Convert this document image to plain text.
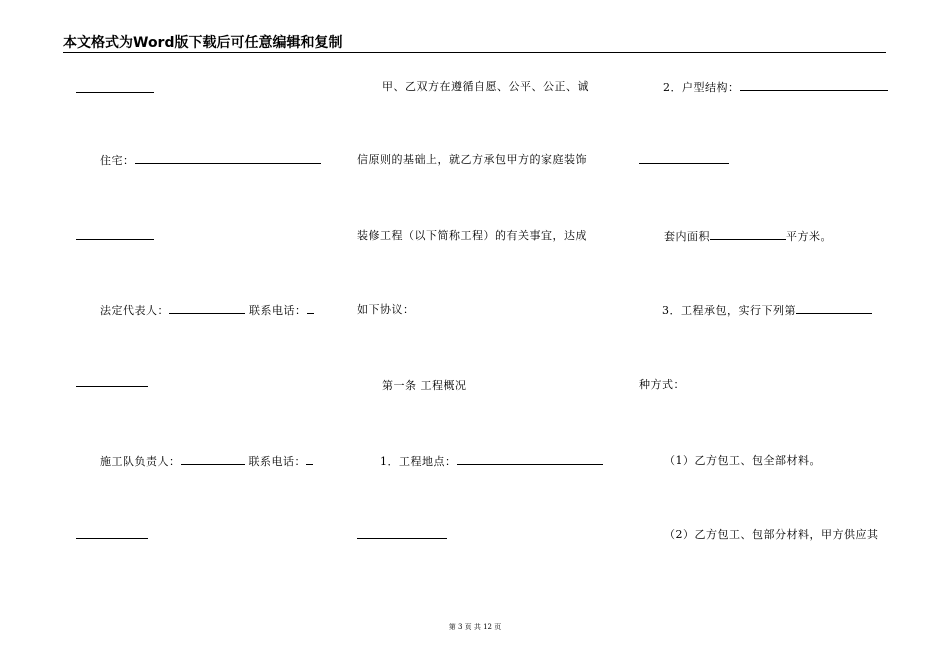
本文格式为Word版下载后可任意编辑和复制
住宅：
法定代表人：	联系电话：
施工队负责人：	联系电话：
甲、乙双方在遵循自愿、公平、公正、诚
信原则的基础上，就乙方承包甲方的家庭装饰
装修工程（以下简称工程）的有关事宜，达成
如下协议：
第一条 工程概况
1．工程地点：
2．户型结构：
套内面积	平方米。
3．工程承包，实行下列第
种方式：
（1）乙方包工、包全部材料。
（2）乙方包工、包部分材料，甲方供应其
第 3 页 共 12 页
